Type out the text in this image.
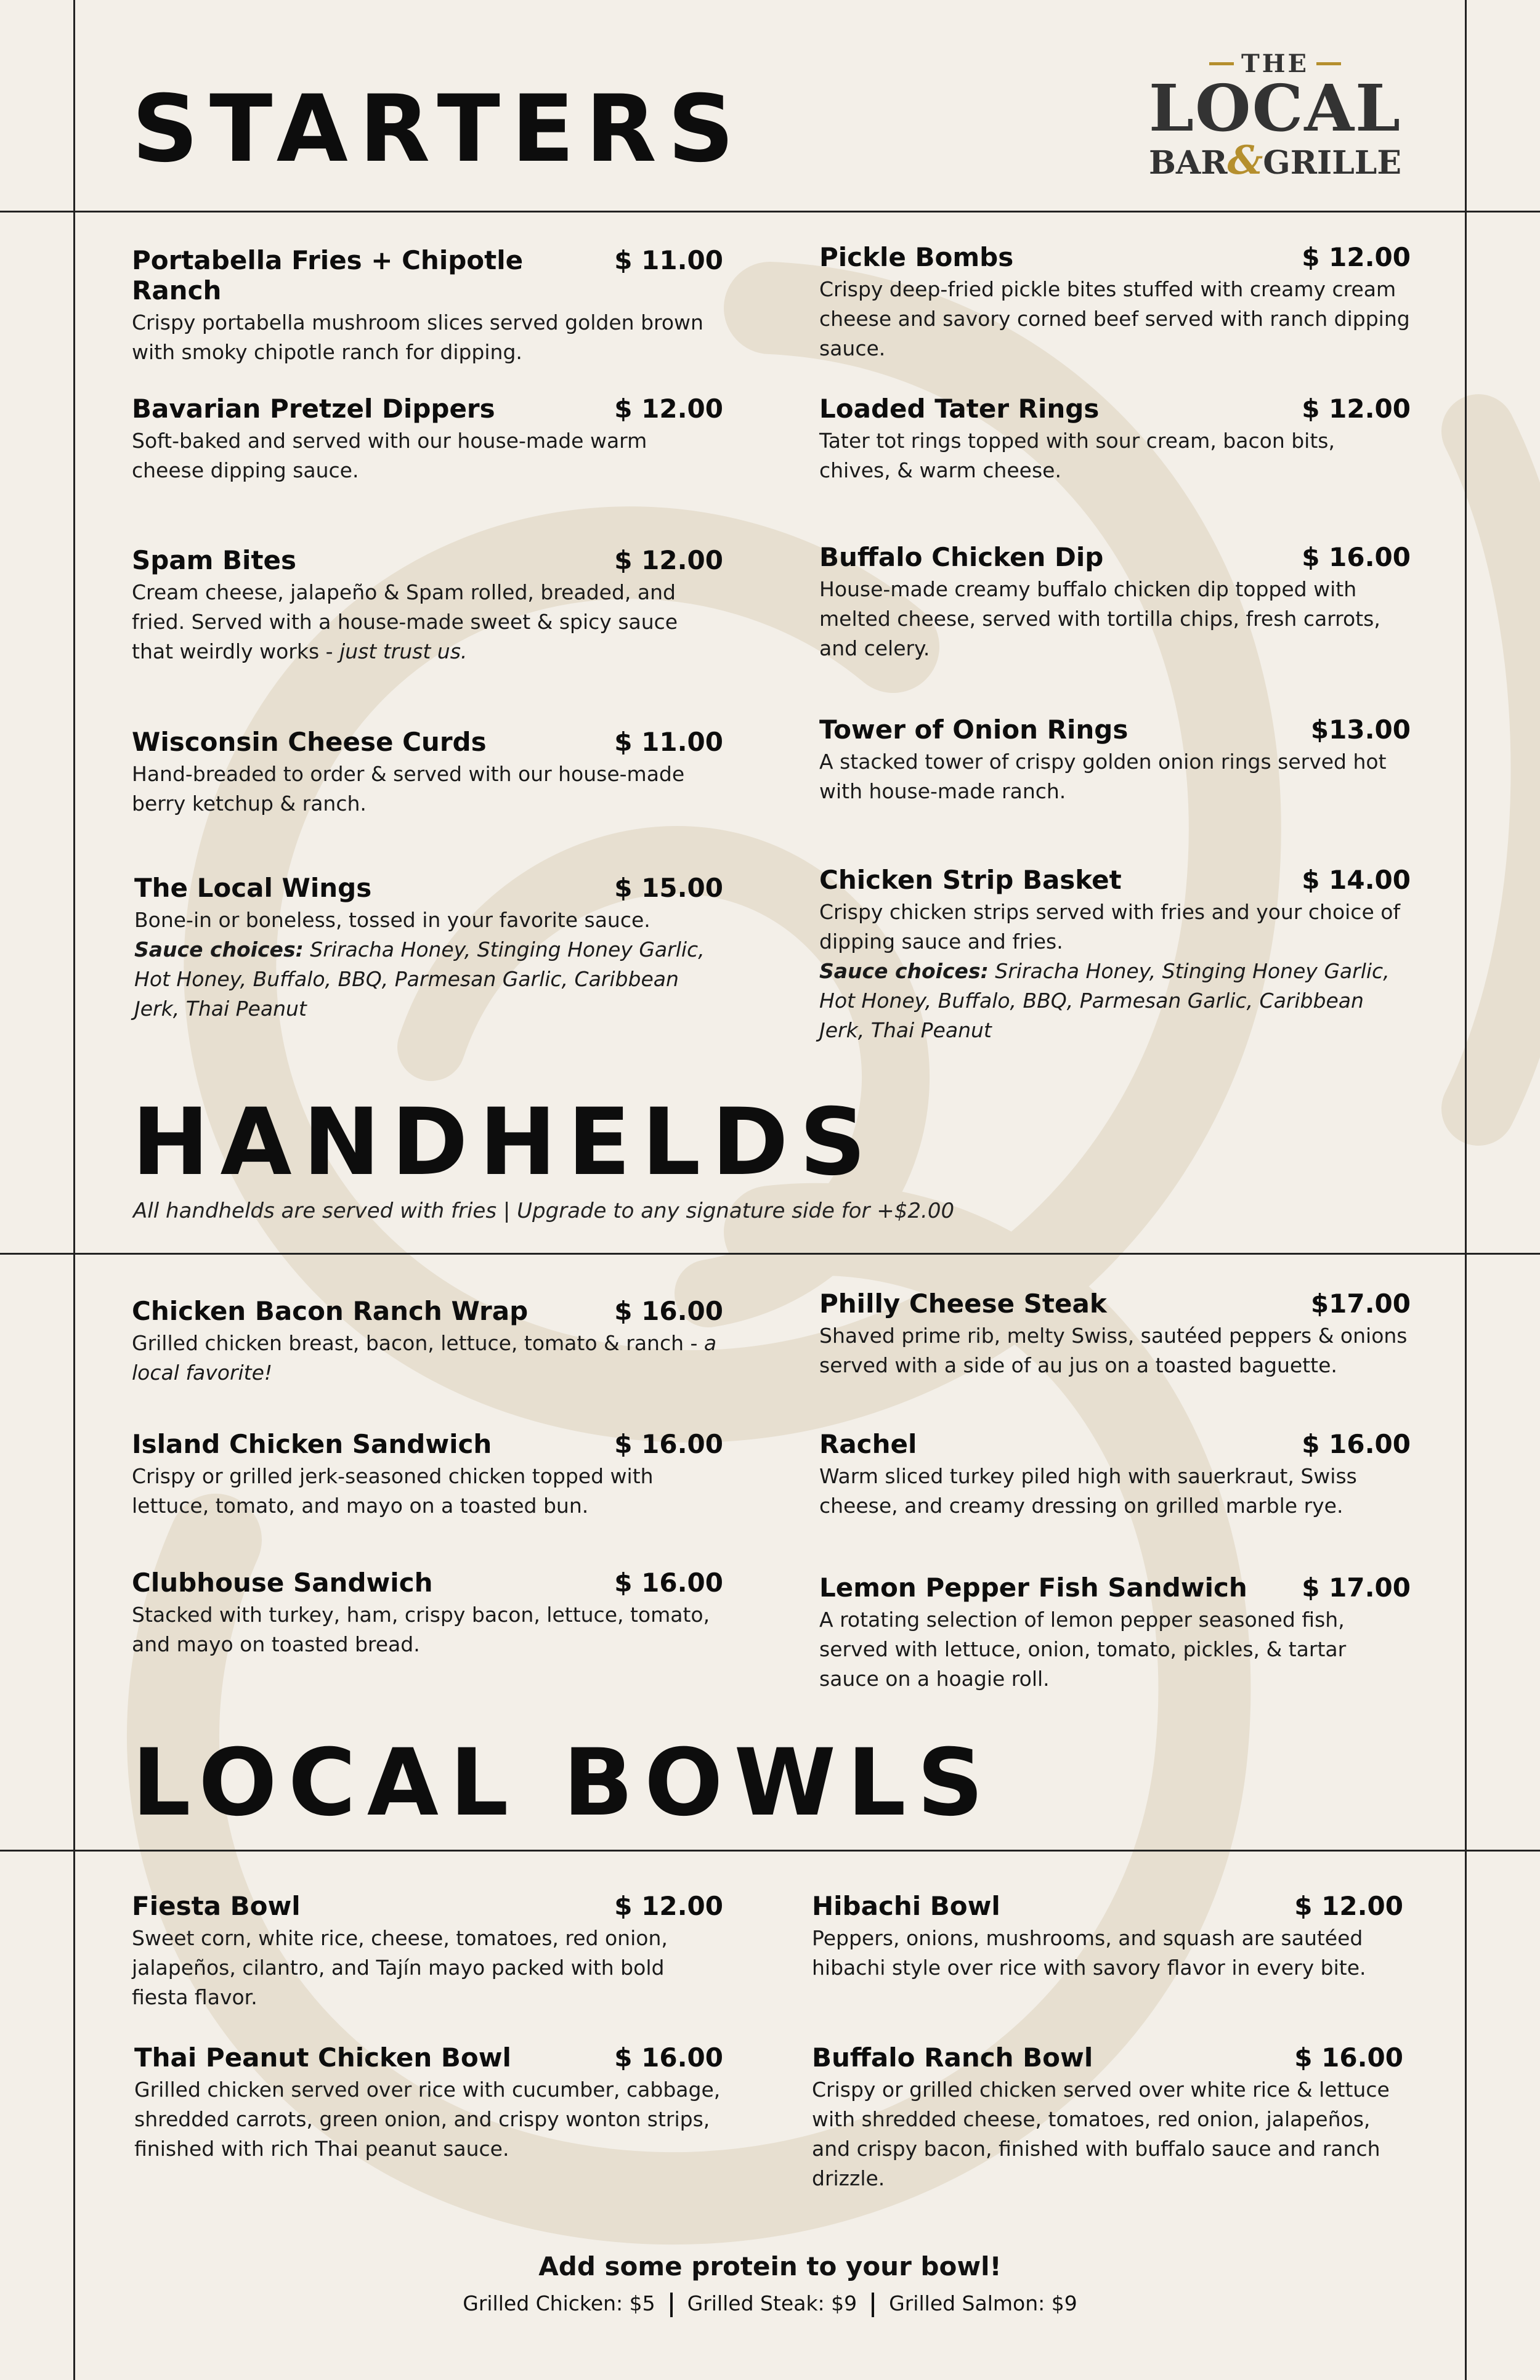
THE
LOCAL
BAR&GRILLE
STARTERS
Portabella Fries + Chipotle Ranch
$ 11.00
Crispy portabella mushroom slices served golden brown with smoky chipotle ranch for dipping.
Pickle Bombs	$ 12.00
Crispy deep-fried pickle bites stuffed with creamy cream cheese and savory corned beef served with ranch dipping sauce.
Bavarian Pretzel Dippers	$ 12.00
Soft-baked and served with our house-made warm cheese dipping sauce.
Loaded Tater Rings	$ 12.00
Tater tot rings topped with sour cream, bacon bits, chives, & warm cheese.
Spam Bites	$ 12.00
Cream cheese, jalapeño & Spam rolled, breaded, and fried. Served with a house-made sweet & spicy sauce that weirdly works - just trust us.
Buffalo Chicken Dip	$ 16.00
House-made creamy buffalo chicken dip topped with melted cheese, served with tortilla chips, fresh carrots, and celery.
Wisconsin Cheese Curds	$ 11.00
Hand-breaded to order & served with our house-made berry ketchup & ranch.
Tower of Onion Rings	$13.00
A stacked tower of crispy golden onion rings served hot with house-made ranch.
The Local Wings	$ 15.00
Bone-in or boneless, tossed in your favorite sauce.
Sauce choices: Sriracha Honey, Stinging Honey Garlic, Hot Honey, Buffalo, BBQ, Parmesan Garlic, Caribbean Jerk, Thai Peanut
Chicken Strip Basket	$ 14.00
Crispy chicken strips served with fries and your choice of dipping sauce and fries.
Sauce choices: Sriracha Honey, Stinging Honey Garlic, Hot Honey, Buffalo, BBQ, Parmesan Garlic, Caribbean Jerk, Thai Peanut
HANDHELDS
All handhelds are served with fries | Upgrade to any signature side for +$2.00
Chicken Bacon Ranch Wrap	$ 16.00
Grilled chicken breast, bacon, lettuce, tomato & ranch - a local favorite!
Philly Cheese Steak	$17.00
Shaved prime rib, melty Swiss, sautéed peppers & onions served with a side of au jus on a toasted baguette.
Island Chicken Sandwich	$ 16.00
Crispy or grilled jerk-seasoned chicken topped with lettuce, tomato, and mayo on a toasted bun.
Rachel	$ 16.00
Warm sliced turkey piled high with sauerkraut, Swiss cheese, and creamy dressing on grilled marble rye.
Clubhouse Sandwich	$ 16.00
Stacked with turkey, ham, crispy bacon, lettuce, tomato, and mayo on toasted bread.
Lemon Pepper Fish Sandwich $ 17.00
A rotating selection of lemon pepper seasoned fish, served with lettuce, onion, tomato, pickles, & tartar sauce on a hoagie roll.
LOCAL BOWLS
Fiesta Bowl	$ 12.00
Sweet corn, white rice, cheese, tomatoes, red onion, jalapeños, cilantro, and Tajín mayo packed with bold fiesta flavor.
Hibachi Bowl	$ 12.00
Peppers, onions, mushrooms, and squash are sautéed hibachi style over rice with savory flavor in every bite.
Thai Peanut Chicken Bowl	$ 16.00
Grilled chicken served over rice with cucumber, cabbage, shredded carrots, green onion, and crispy wonton strips, finished with rich Thai peanut sauce.
Buffalo Ranch Bowl	$ 16.00
Crispy or grilled chicken served over white rice & lettuce with shredded cheese, tomatoes, red onion, jalapeños, and crispy bacon, finished with buffalo sauce and ranch drizzle.
Add some protein to your bowl!
Grilled Chicken: $5 Grilled Steak: $9 Grilled Salmon: $9
